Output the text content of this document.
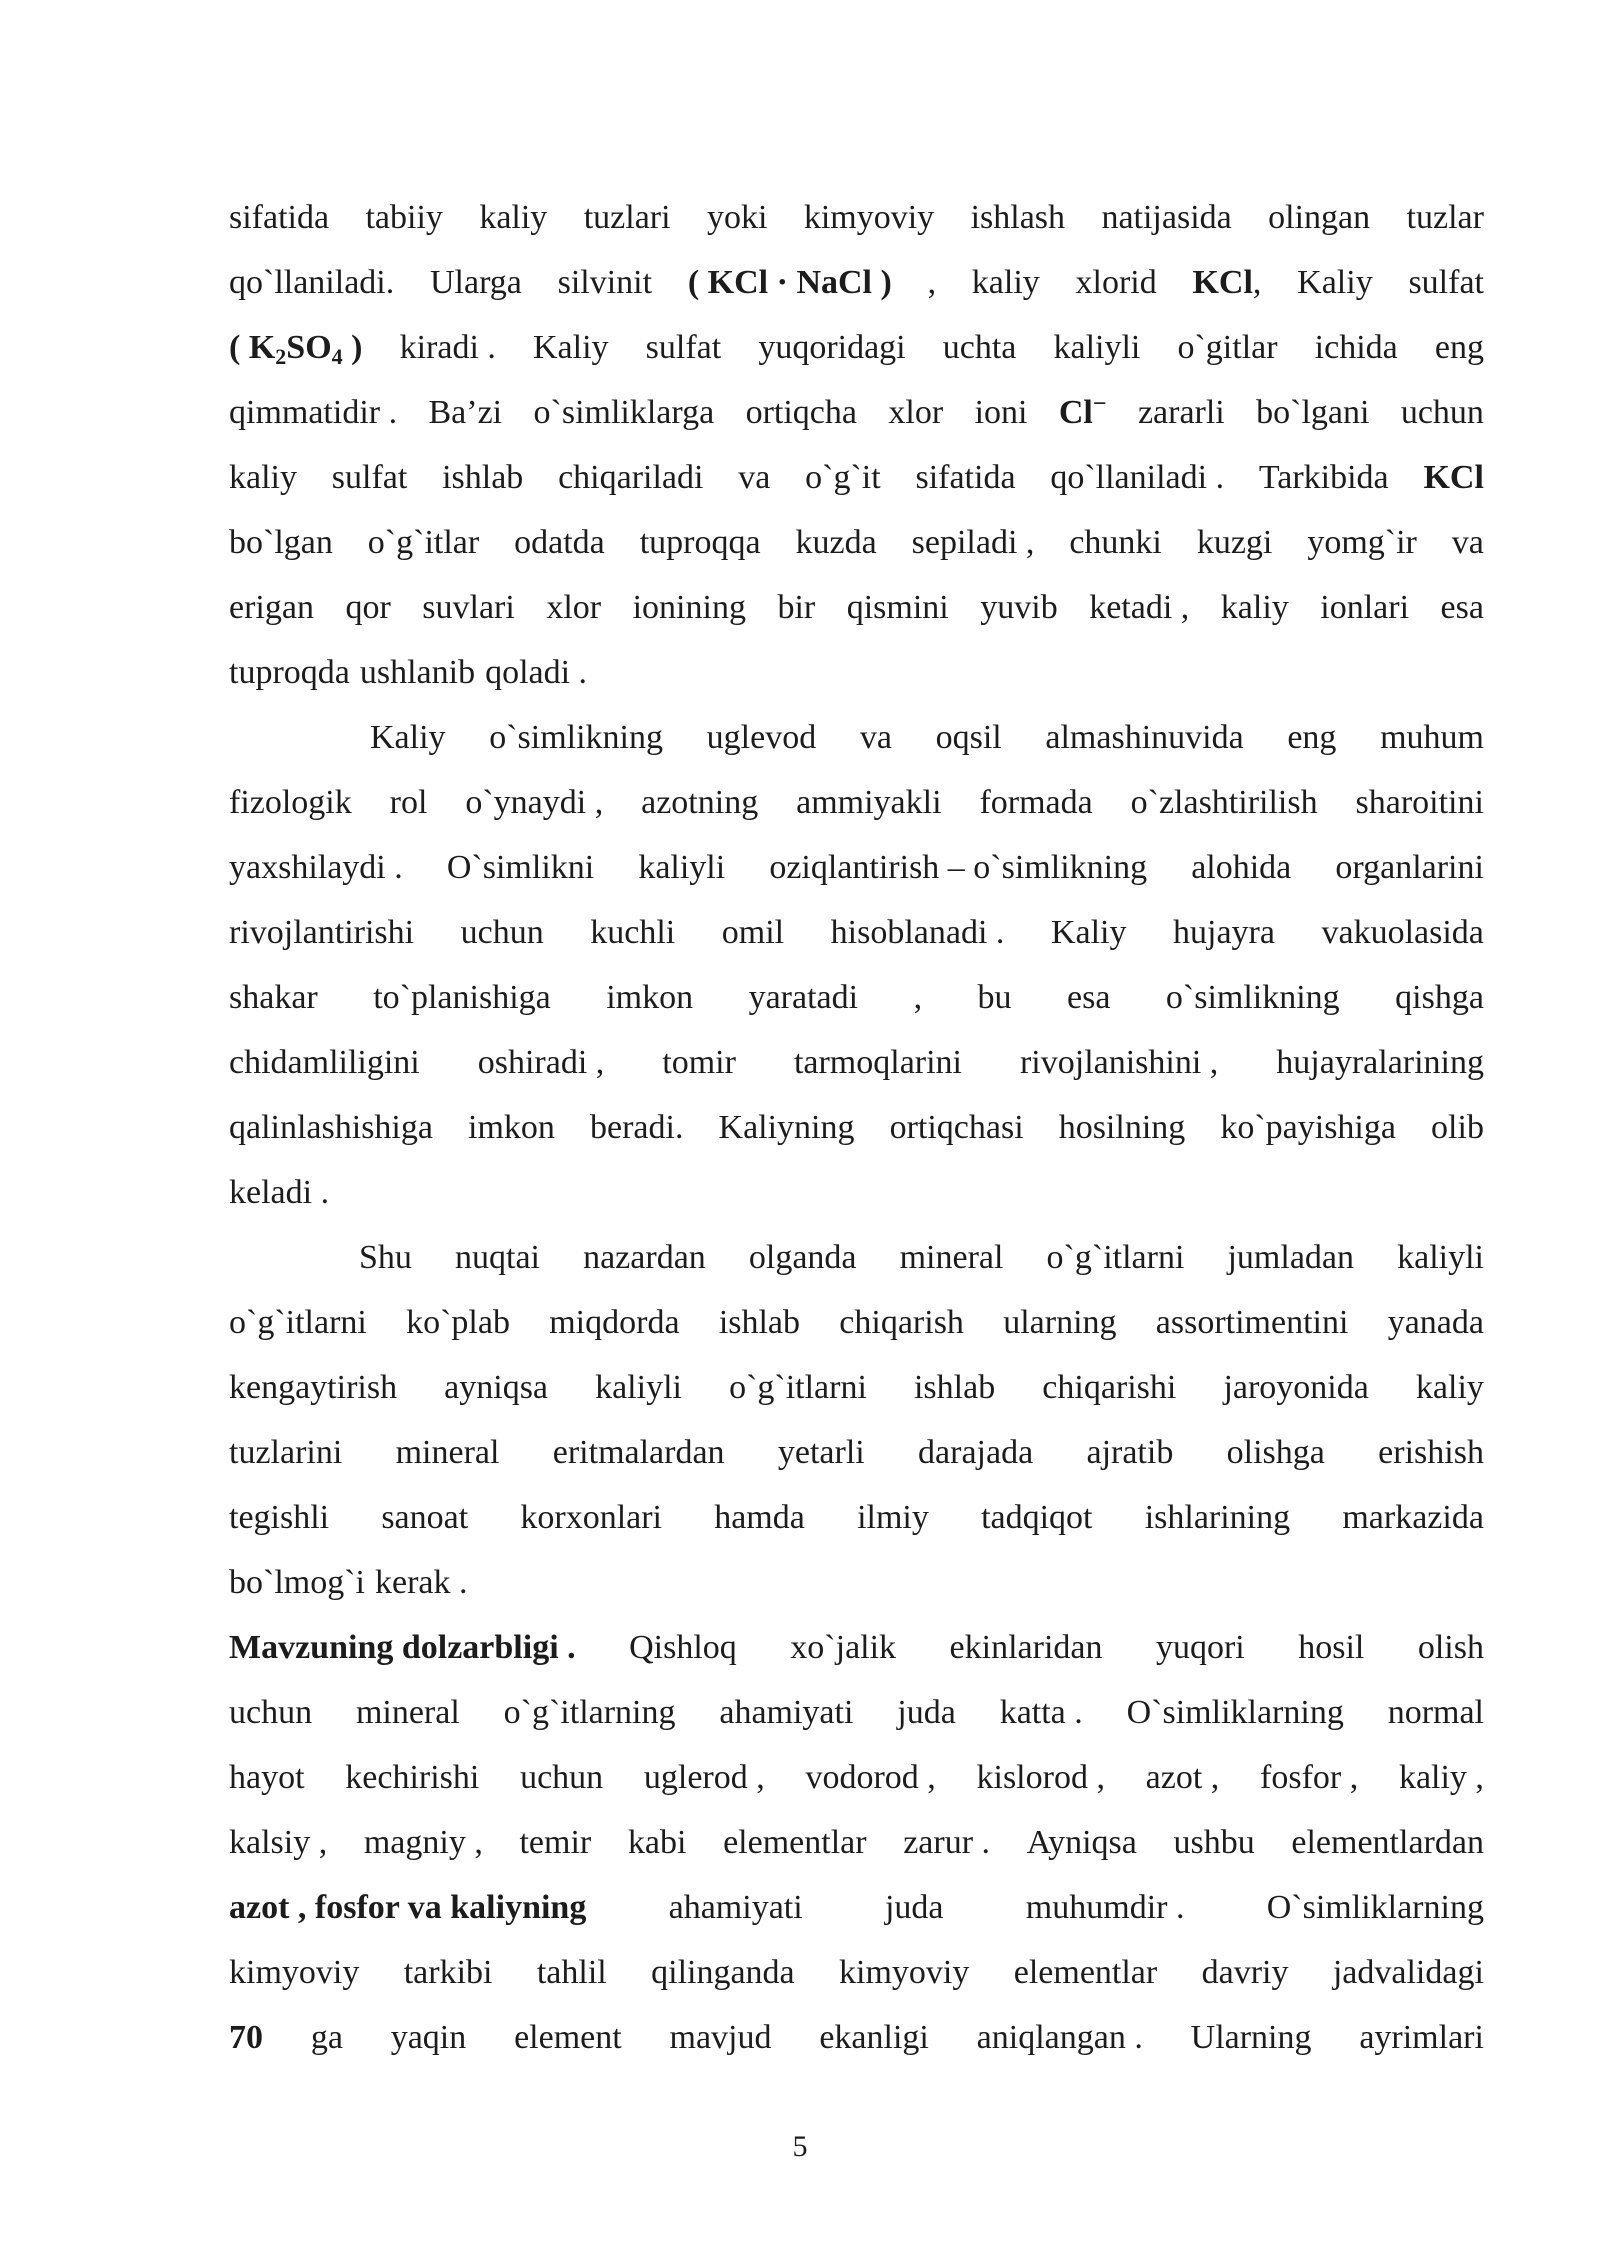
sifatida tabiiy kaliy tuzlari yoki kimyoviy ishlash natijasida olingan tuzlar
qo`llaniladi. Ularga silvinit ( KCl · NaCl ) , kaliy xlorid KCl, Kaliy sulfat
( $K_2SO_4$ ) kiradi . Kaliy sulfat yuqoridagi uchta kaliyli o`gitlar ichida eng
qimmatidir . Ba’zi o`simliklarga ortiqcha xlor ioni Cl− zararli bo`lgani uchun
kaliy sulfat ishlab chiqariladi va o`g`it sifatida qo`llaniladi . Tarkibida KCl
bo`lgan o`g`itlar odatda tuproqqa kuzda sepiladi , chunki kuzgi yomg`ir va
erigan qor suvlari xlor ionining bir qismini yuvib ketadi , kaliy ionlari esa
tuproqda ushlanib qoladi .
Kaliy o`simlikning uglevod va oqsil almashinuvida eng muhum
fizologik rol o`ynaydi , azotning ammiyakli formada o`zlashtirilish sharoitini
yaxshilaydi . O`simlikni kaliyli oziqlantirish – o`simlikning alohida organlarini
rivojlantirishi uchun kuchli omil hisoblanadi . Kaliy hujayra vakuolasida
shakar to`planishiga imkon yaratadi , bu esa o`simlikning qishga
chidamliligini oshiradi , tomir tarmoqlarini rivojlanishini , hujayralarining
qalinlashishiga imkon beradi. Kaliyning ortiqchasi hosilning ko`payishiga olib
keladi .
Shu nuqtai nazardan olganda mineral o`g`itlarni jumladan kaliyli
o`g`itlarni ko`plab miqdorda ishlab chiqarish ularning assortimentini yanada
kengaytirish ayniqsa kaliyli o`g`itlarni ishlab chiqarishi jaroyonida kaliy
tuzlarini mineral eritmalardan yetarli darajada ajratib olishga erishish
tegishli sanoat korxonlari hamda ilmiy tadqiqot ishlarining markazida
bo`lmog`i kerak .
Mavzuning dolzarbligi . Qishloq xo`jalik ekinlaridan yuqori hosil olish
uchun mineral o`g`itlarning ahamiyati juda katta . O`simliklarning normal
hayot kechirishi uchun uglerod , vodorod , kislorod , azot , fosfor , kaliy ,
kalsiy , magniy , temir kabi elementlar zarur . Ayniqsa ushbu elementlardan
azot , fosfor va kaliyning ahamiyati juda muhumdir . O`simliklarning
kimyoviy tarkibi tahlil qilinganda kimyoviy elementlar davriy jadvalidagi
70 ga yaqin element mavjud ekanligi aniqlangan . Ularning ayrimlari
5
